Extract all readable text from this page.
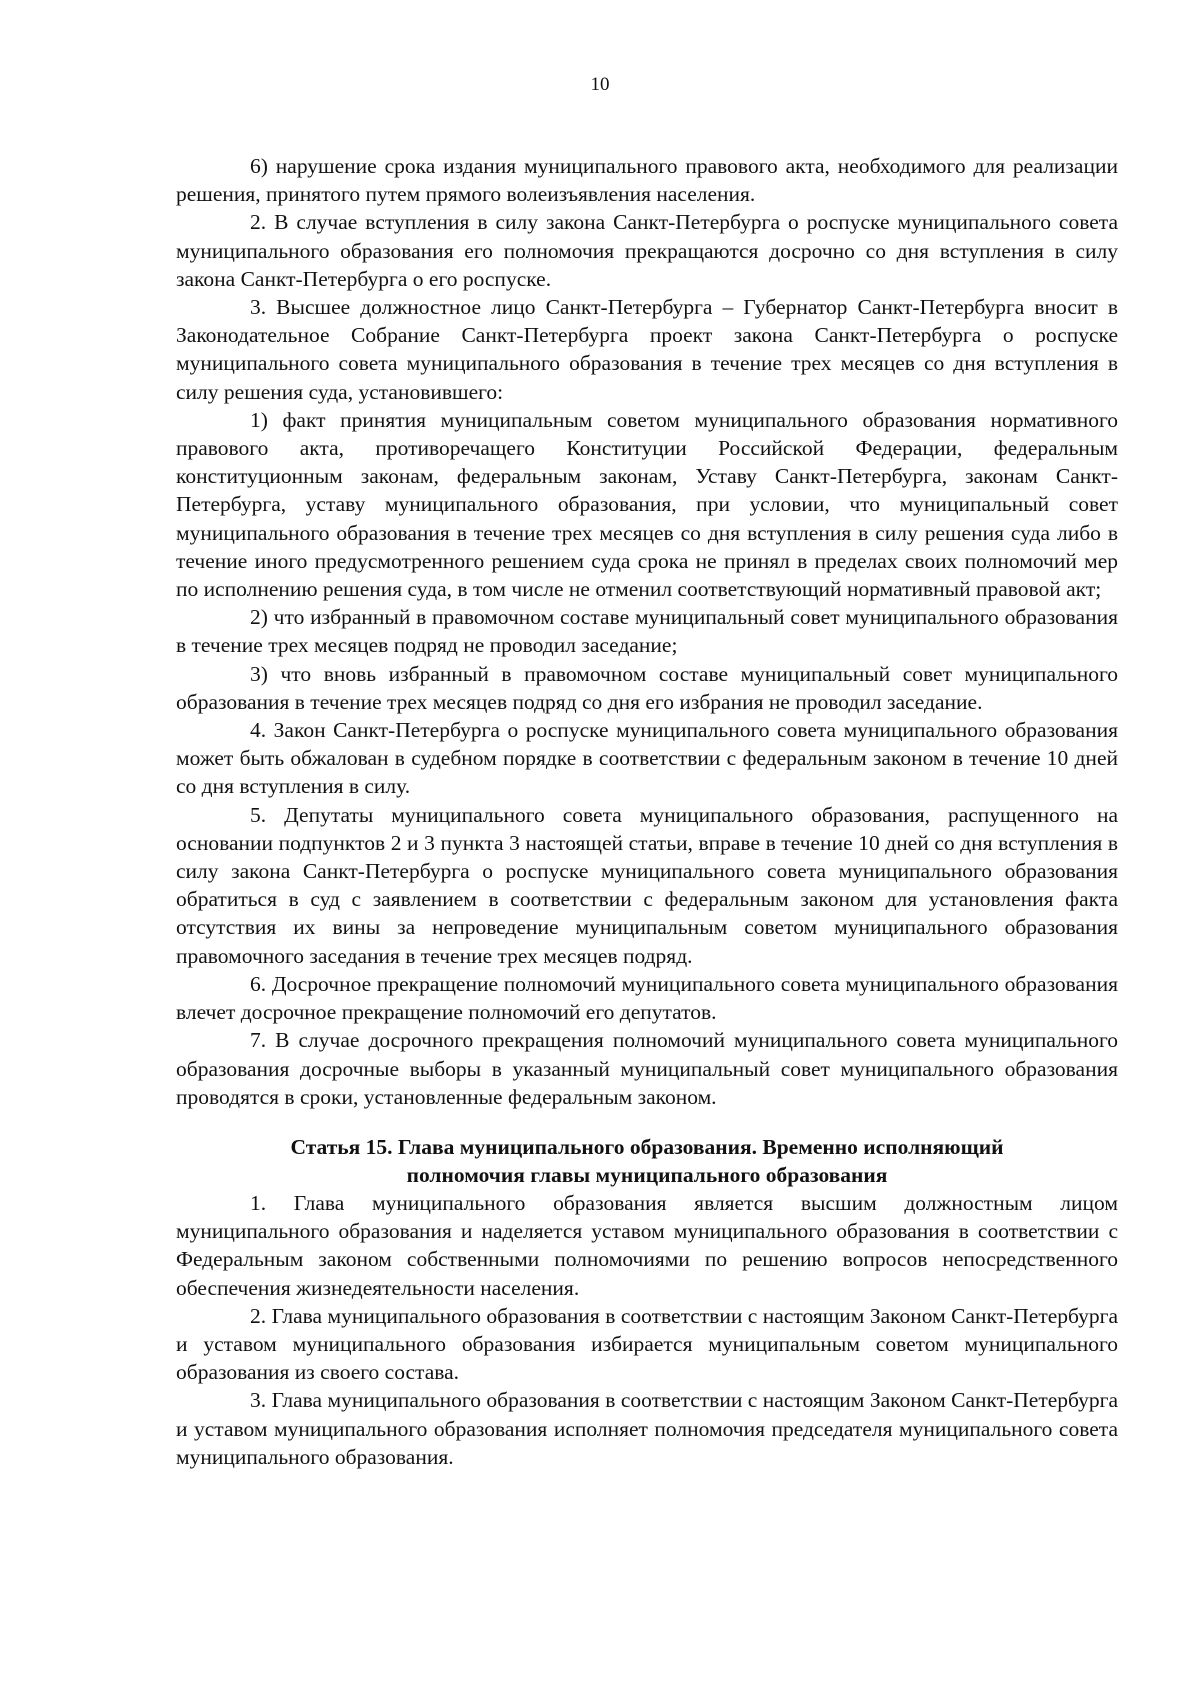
10

6) нарушение срока издания муниципального правового акта, необходимого для реализации решения, принятого путем прямого волеизъявления населения.

2. В случае вступления в силу закона Санкт-Петербурга о роспуске муниципального совета муниципального образования его полномочия прекращаются досрочно со дня вступления в силу закона Санкт-Петербурга о его роспуске.

3. Высшее должностное лицо Санкт-Петербурга – Губернатор Санкт-Петербурга вносит в Законодательное Собрание Санкт-Петербурга проект закона Санкт-Петербурга о роспуске муниципального совета муниципального образования в течение трех месяцев со дня вступления в силу решения суда, установившего:

1) факт принятия муниципальным советом муниципального образования нормативного правового акта, противоречащего Конституции Российской Федерации, федеральным конституционным законам, федеральным законам, Уставу Санкт-Петербурга, законам Санкт-Петербурга, уставу муниципального образования, при условии, что муниципальный совет муниципального образования в течение трех месяцев со дня вступления в силу решения суда либо в течение иного предусмотренного решением суда срока не принял в пределах своих полномочий мер по исполнению решения суда, в том числе не отменил соответствующий нормативный правовой акт;

2) что избранный в правомочном составе муниципальный совет муниципального образования в течение трех месяцев подряд не проводил заседание;

3) что вновь избранный в правомочном составе муниципальный совет муниципального образования в течение трех месяцев подряд со дня его избрания не проводил заседание.

4. Закон Санкт-Петербурга о роспуске муниципального совета муниципального образования может быть обжалован в судебном порядке в соответствии с федеральным законом в течение 10 дней со дня вступления в силу.

5. Депутаты муниципального совета муниципального образования, распущенного на основании подпунктов 2 и 3 пункта 3 настоящей статьи, вправе в течение 10 дней со дня вступления в силу закона Санкт-Петербурга о роспуске муниципального совета муниципального образования обратиться в суд с заявлением в соответствии с федеральным законом для установления факта отсутствия их вины за непроведение муниципальным советом муниципального образования правомочного заседания в течение трех месяцев подряд.

6. Досрочное прекращение полномочий муниципального совета муниципального образования влечет досрочное прекращение полномочий его депутатов.

7. В случае досрочного прекращения полномочий муниципального совета муниципального образования досрочные выборы в указанный муниципальный совет муниципального образования проводятся в сроки, установленные федеральным законом.

Статья 15. Глава муниципального образования. Временно исполняющий
полномочия главы муниципального образования

1. Глава муниципального образования является высшим должностным лицом муниципального образования и наделяется уставом муниципального образования в соответствии с Федеральным законом собственными полномочиями по решению вопросов непосредственного обеспечения жизнедеятельности населения.

2. Глава муниципального образования в соответствии с настоящим Законом Санкт-Петербурга и уставом муниципального образования избирается муниципальным советом муниципального образования из своего состава.

3. Глава муниципального образования в соответствии с настоящим Законом Санкт-Петербурга и уставом муниципального образования исполняет полномочия председателя муниципального совета муниципального образования.
